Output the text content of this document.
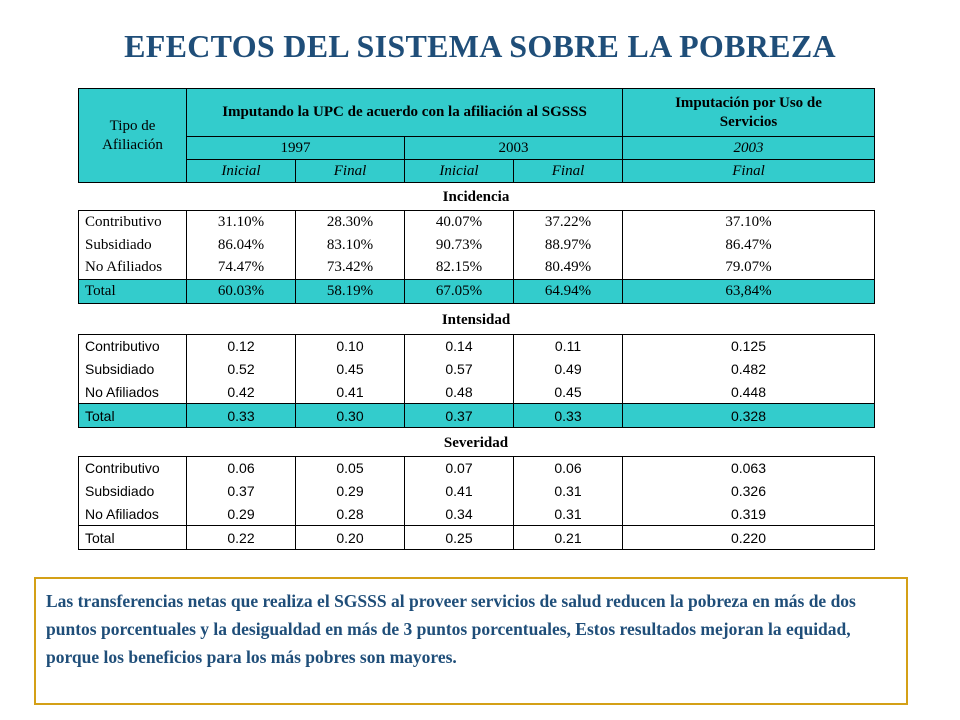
EFECTOS DEL SISTEMA SOBRE LA POBREZA
Tipo de Afiliación	Imputando la UPC de acuerdo con la afiliación al SGSSS				Imputación por Uso de Servicios
	1997		2003		2003
	Inicial	Final	Inicial	Final	Final
Incidencia
Contributivo	31.10%	28.30%	40.07%	37.22%	37.10%
Subsidiado	86.04%	83.10%	90.73%	88.97%	86.47%
No Afiliados	74.47%	73.42%	82.15%	80.49%	79.07%
Total	60.03%	58.19%	67.05%	64.94%	63,84%
Intensidad
Contributivo	0.12	0.10	0.14	0.11	0.125
Subsidiado	0.52	0.45	0.57	0.49	0.482
No Afiliados	0.42	0.41	0.48	0.45	0.448
Total	0.33	0.30	0.37	0.33	0.328
Severidad
Contributivo	0.06	0.05	0.07	0.06	0.063
Subsidiado	0.37	0.29	0.41	0.31	0.326
No Afiliados	0.29	0.28	0.34	0.31	0.319
Total	0.22	0.20	0.25	0.21	0.220
Las transferencias netas que realiza el SGSSS al proveer servicios de salud reducen la pobreza en más de dos puntos porcentuales y la desigualdad en más de 3 puntos porcentuales, Estos resultados mejoran la equidad, porque los beneficios para los más pobres son mayores.
